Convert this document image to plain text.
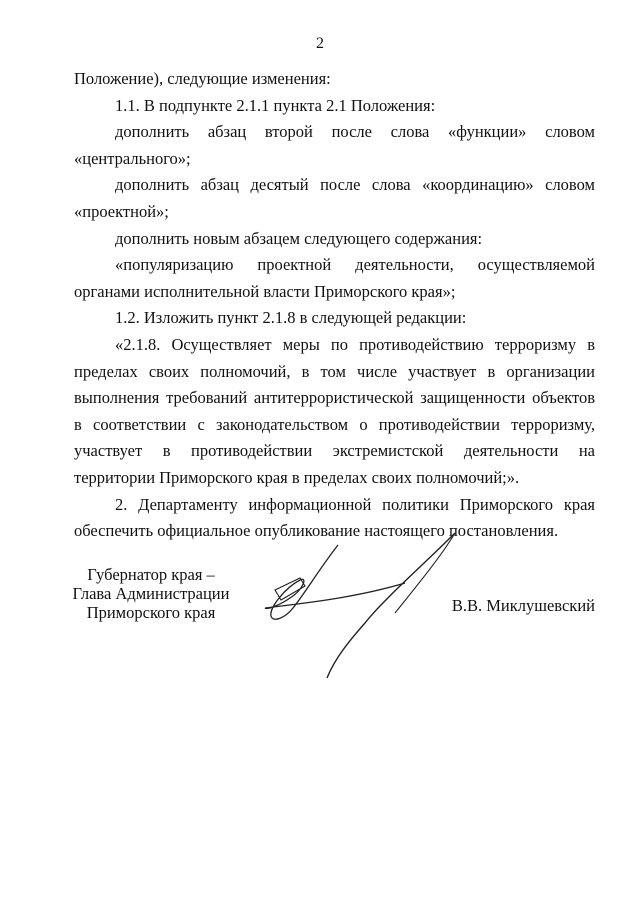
2

Положение), следующие изменения:

1.1. В подпункте 2.1.1 пункта 2.1 Положения:

дополнить абзац второй после слова «функции» словом «центрального»;

дополнить абзац десятый после слова «координацию» словом «проектной»;

дополнить новым абзацем следующего содержания:

«популяризацию проектной деятельности, осуществляемой органами исполнительной власти Приморского края»;

1.2. Изложить пункт 2.1.8 в следующей редакции:

«2.1.8. Осуществляет меры по противодействию терроризму в пределах своих полномочий, в том числе участвует в организации выполнения требований антитеррористической защищенности объектов в соответствии с законодательством о противодействии терроризму, участвует в противодействии экстремистской деятельности на территории Приморского края в пределах своих полномочий;».

2. Департаменту информационной политики Приморского края обеспечить официальное опубликование настоящего постановления.

Губернатор края –
Глава Администрации
Приморского края	В.В. Миклушевский
